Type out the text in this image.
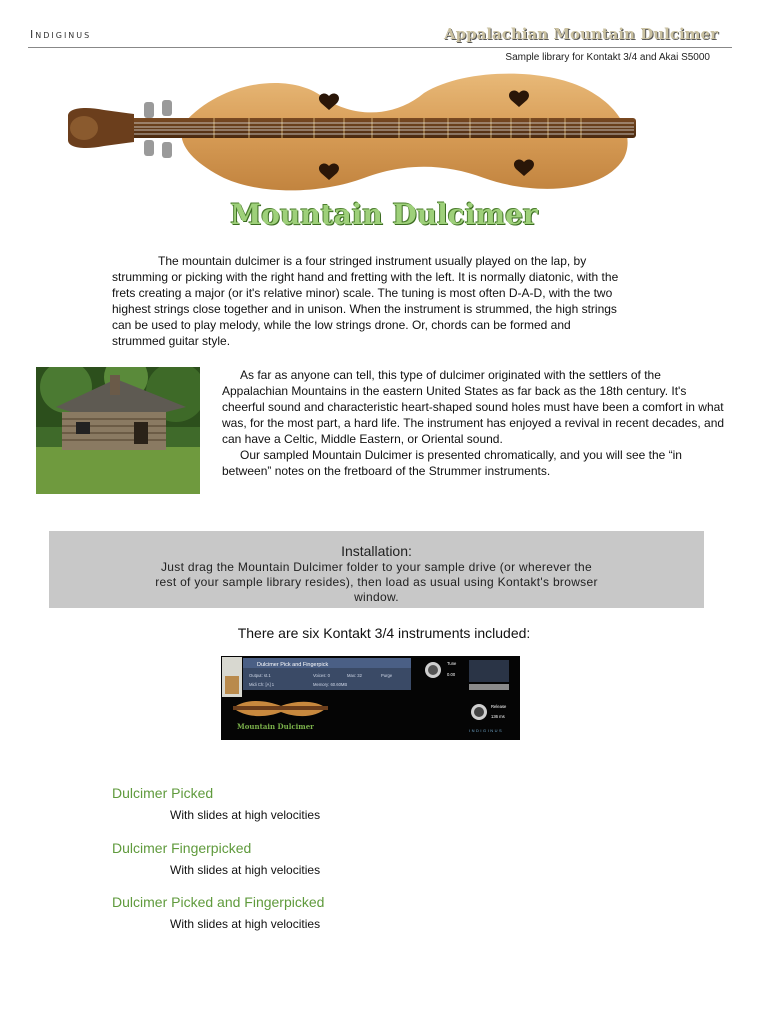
Indiginus	Appalachian Mountain Dulcimer
Sample library for Kontakt 3/4 and Akai S5000
Mountain Dulcimer
The mountain dulcimer is a four stringed instrument usually played on the lap, by strumming or picking with the right hand and fretting with the left. It is normally diatonic, with the frets creating a major (or it's relative minor) scale. The tuning is most often D-A-D, with the two highest strings close together and in unison. When the instrument is strummed, the high strings can be used to play melody, while the low strings drone. Or, chords can be formed and strummed guitar style.
As far as anyone can tell, this type of dulcimer originated with the settlers of the Appalachian Mountains in the eastern United States as far back as the 18th century. It's cheerful sound and characteristic heart-shaped sound holes must have been a comfort in what was, for the most part, a hard life. The instrument has enjoyed a revival in recent decades, and can have a Celtic, Middle Eastern, or Oriental sound.
Our sampled Mountain Dulcimer is presented chromatically, and you will see the “in between” notes on the fretboard of the Strummer instruments.
Installation:
Just drag the Mountain Dulcimer folder to your sample drive (or wherever the rest of your sample library resides), then load as usual using Kontakt's browser window.
There are six Kontakt 3/4 instruments included:
Dulcimer Pick and Fingerpick
Output: st.1	Voices: 0	Max: 32	Purge
Midi Ch: [A] 1	Memory: 60.60MB
Tune
0.00
Mountain Dulcimer
Release
136 ms
INDIGINUS
Dulcimer Picked
With slides at high velocities
Dulcimer Fingerpicked
With slides at high velocities
Dulcimer Picked and Fingerpicked
With slides at high velocities
